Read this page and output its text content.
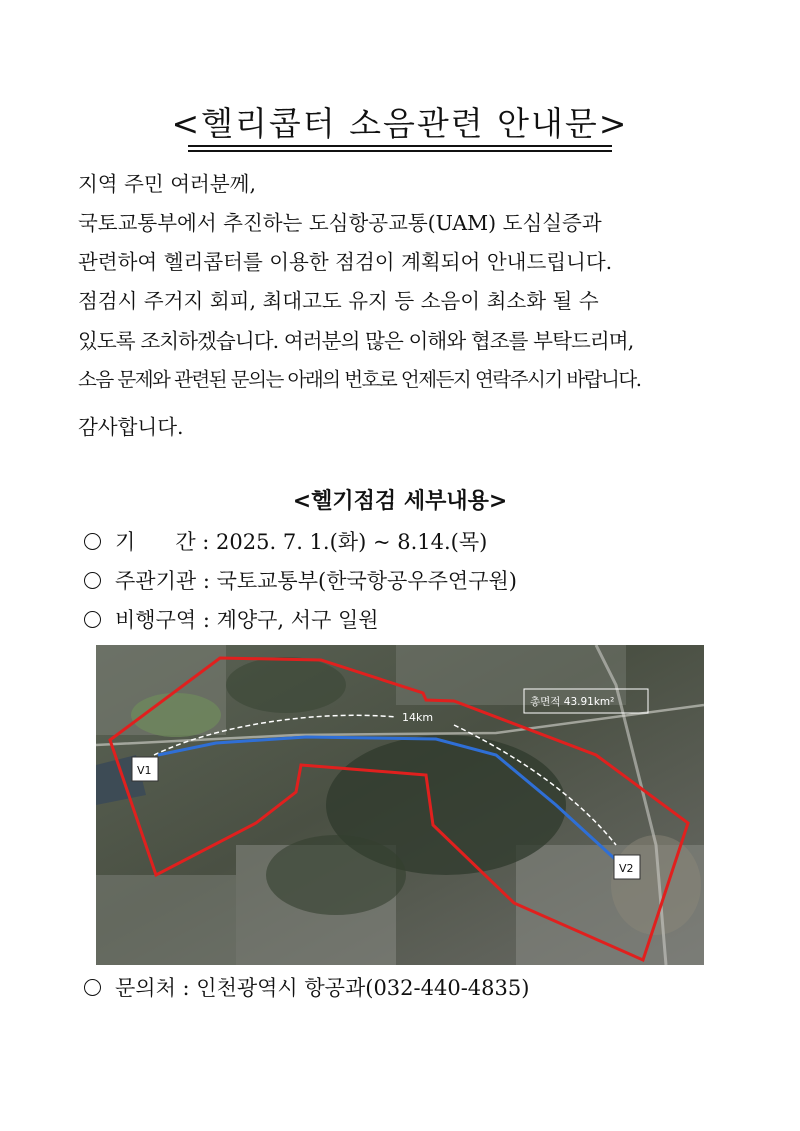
<헬리콥터 소음관련 안내문>
지역 주민 여러분께,
국토교통부에서 추진하는 도심항공교통(UAM) 도심실증과
관련하여 헬리콥터를 이용한 점검이 계획되어 안내드립니다.
점검시 주거지 회피, 최대고도 유지 등 소음이 최소화 될 수
있도록 조치하겠습니다. 여러분의 많은 이해와 협조를 부탁드리며,
소음 문제와 관련된 문의는 아래의 번호로 언제든지 연락주시기 바랍니다.
감사합니다.
<헬기점검 세부내용>
기      간 : 2025. 7. 1.(화) ~ 8.14.(목)
주관기관 : 국토교통부(한국항공우주연구원)
비행구역 : 계양구, 서구 일원
14km
총면적 43.91km²
V1
V2
문의처 : 인천광역시 항공과(032-440-4835)
